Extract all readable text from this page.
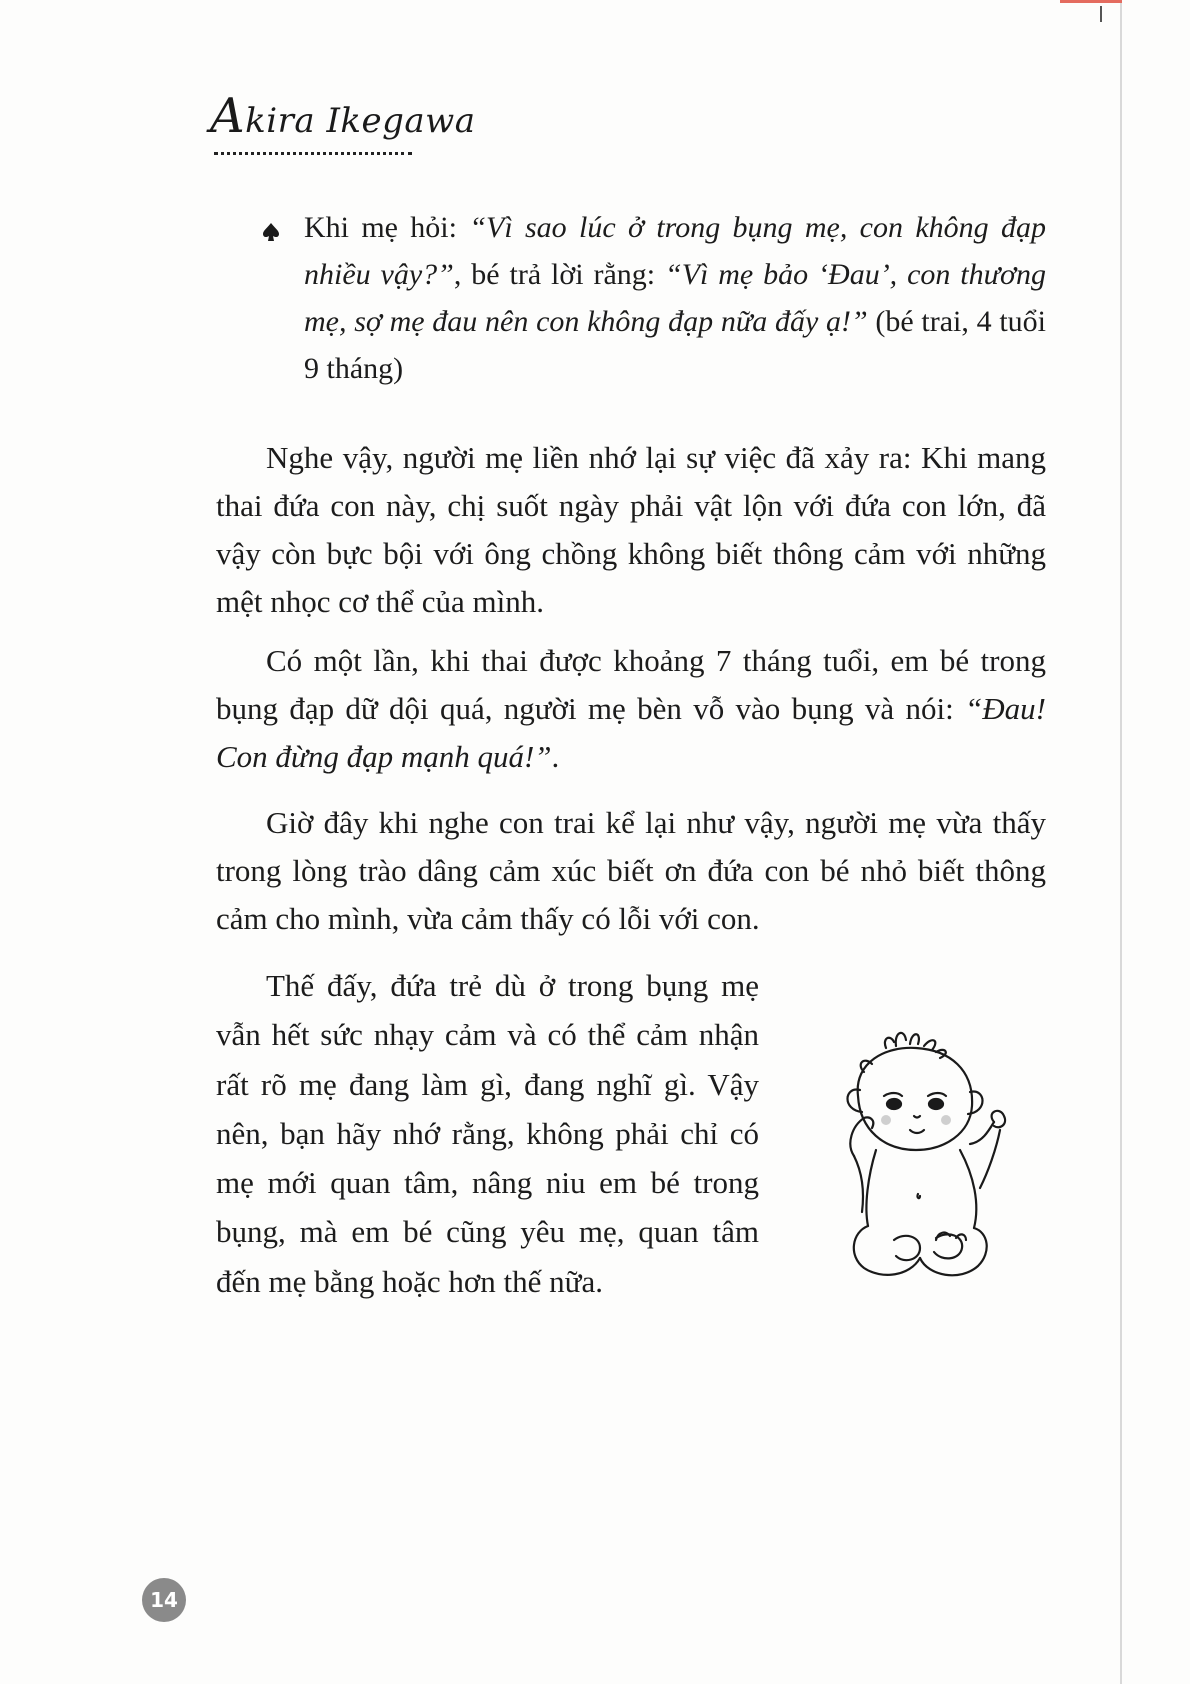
Akira Ikegawa
Khi mẹ hỏi: “Vì sao lúc ở trong bụng mẹ, con không đạp nhiều vậy?”, bé trả lời rằng: “Vì mẹ bảo ‘Đau’, con thương mẹ, sợ mẹ đau nên con không đạp nữa đấy ạ!” (bé trai, 4 tuổi 9 tháng)

Nghe vậy, người mẹ liền nhớ lại sự việc đã xảy ra: Khi mang thai đứa con này, chị suốt ngày phải vật lộn với đứa con lớn, đã vậy còn bực bội với ông chồng không biết thông cảm với những mệt nhọc cơ thể của mình.

Có một lần, khi thai được khoảng 7 tháng tuổi, em bé trong bụng đạp dữ dội quá, người mẹ bèn vỗ vào bụng và nói: “Đau! Con đừng đạp mạnh quá!”.

Giờ đây khi nghe con trai kể lại như vậy, người mẹ vừa thấy trong lòng trào dâng cảm xúc biết ơn đứa con bé nhỏ biết thông cảm cho mình, vừa cảm thấy có lỗi với con.

Thế đấy, đứa trẻ dù ở trong bụng mẹ vẫn hết sức nhạy cảm và có thể cảm nhận rất rõ mẹ đang làm gì, đang nghĩ gì. Vậy nên, bạn hãy nhớ rằng, không phải chỉ có mẹ mới quan tâm, nâng niu em bé trong bụng, mà em bé cũng yêu mẹ, quan tâm đến mẹ bằng hoặc hơn thế nữa.

14
